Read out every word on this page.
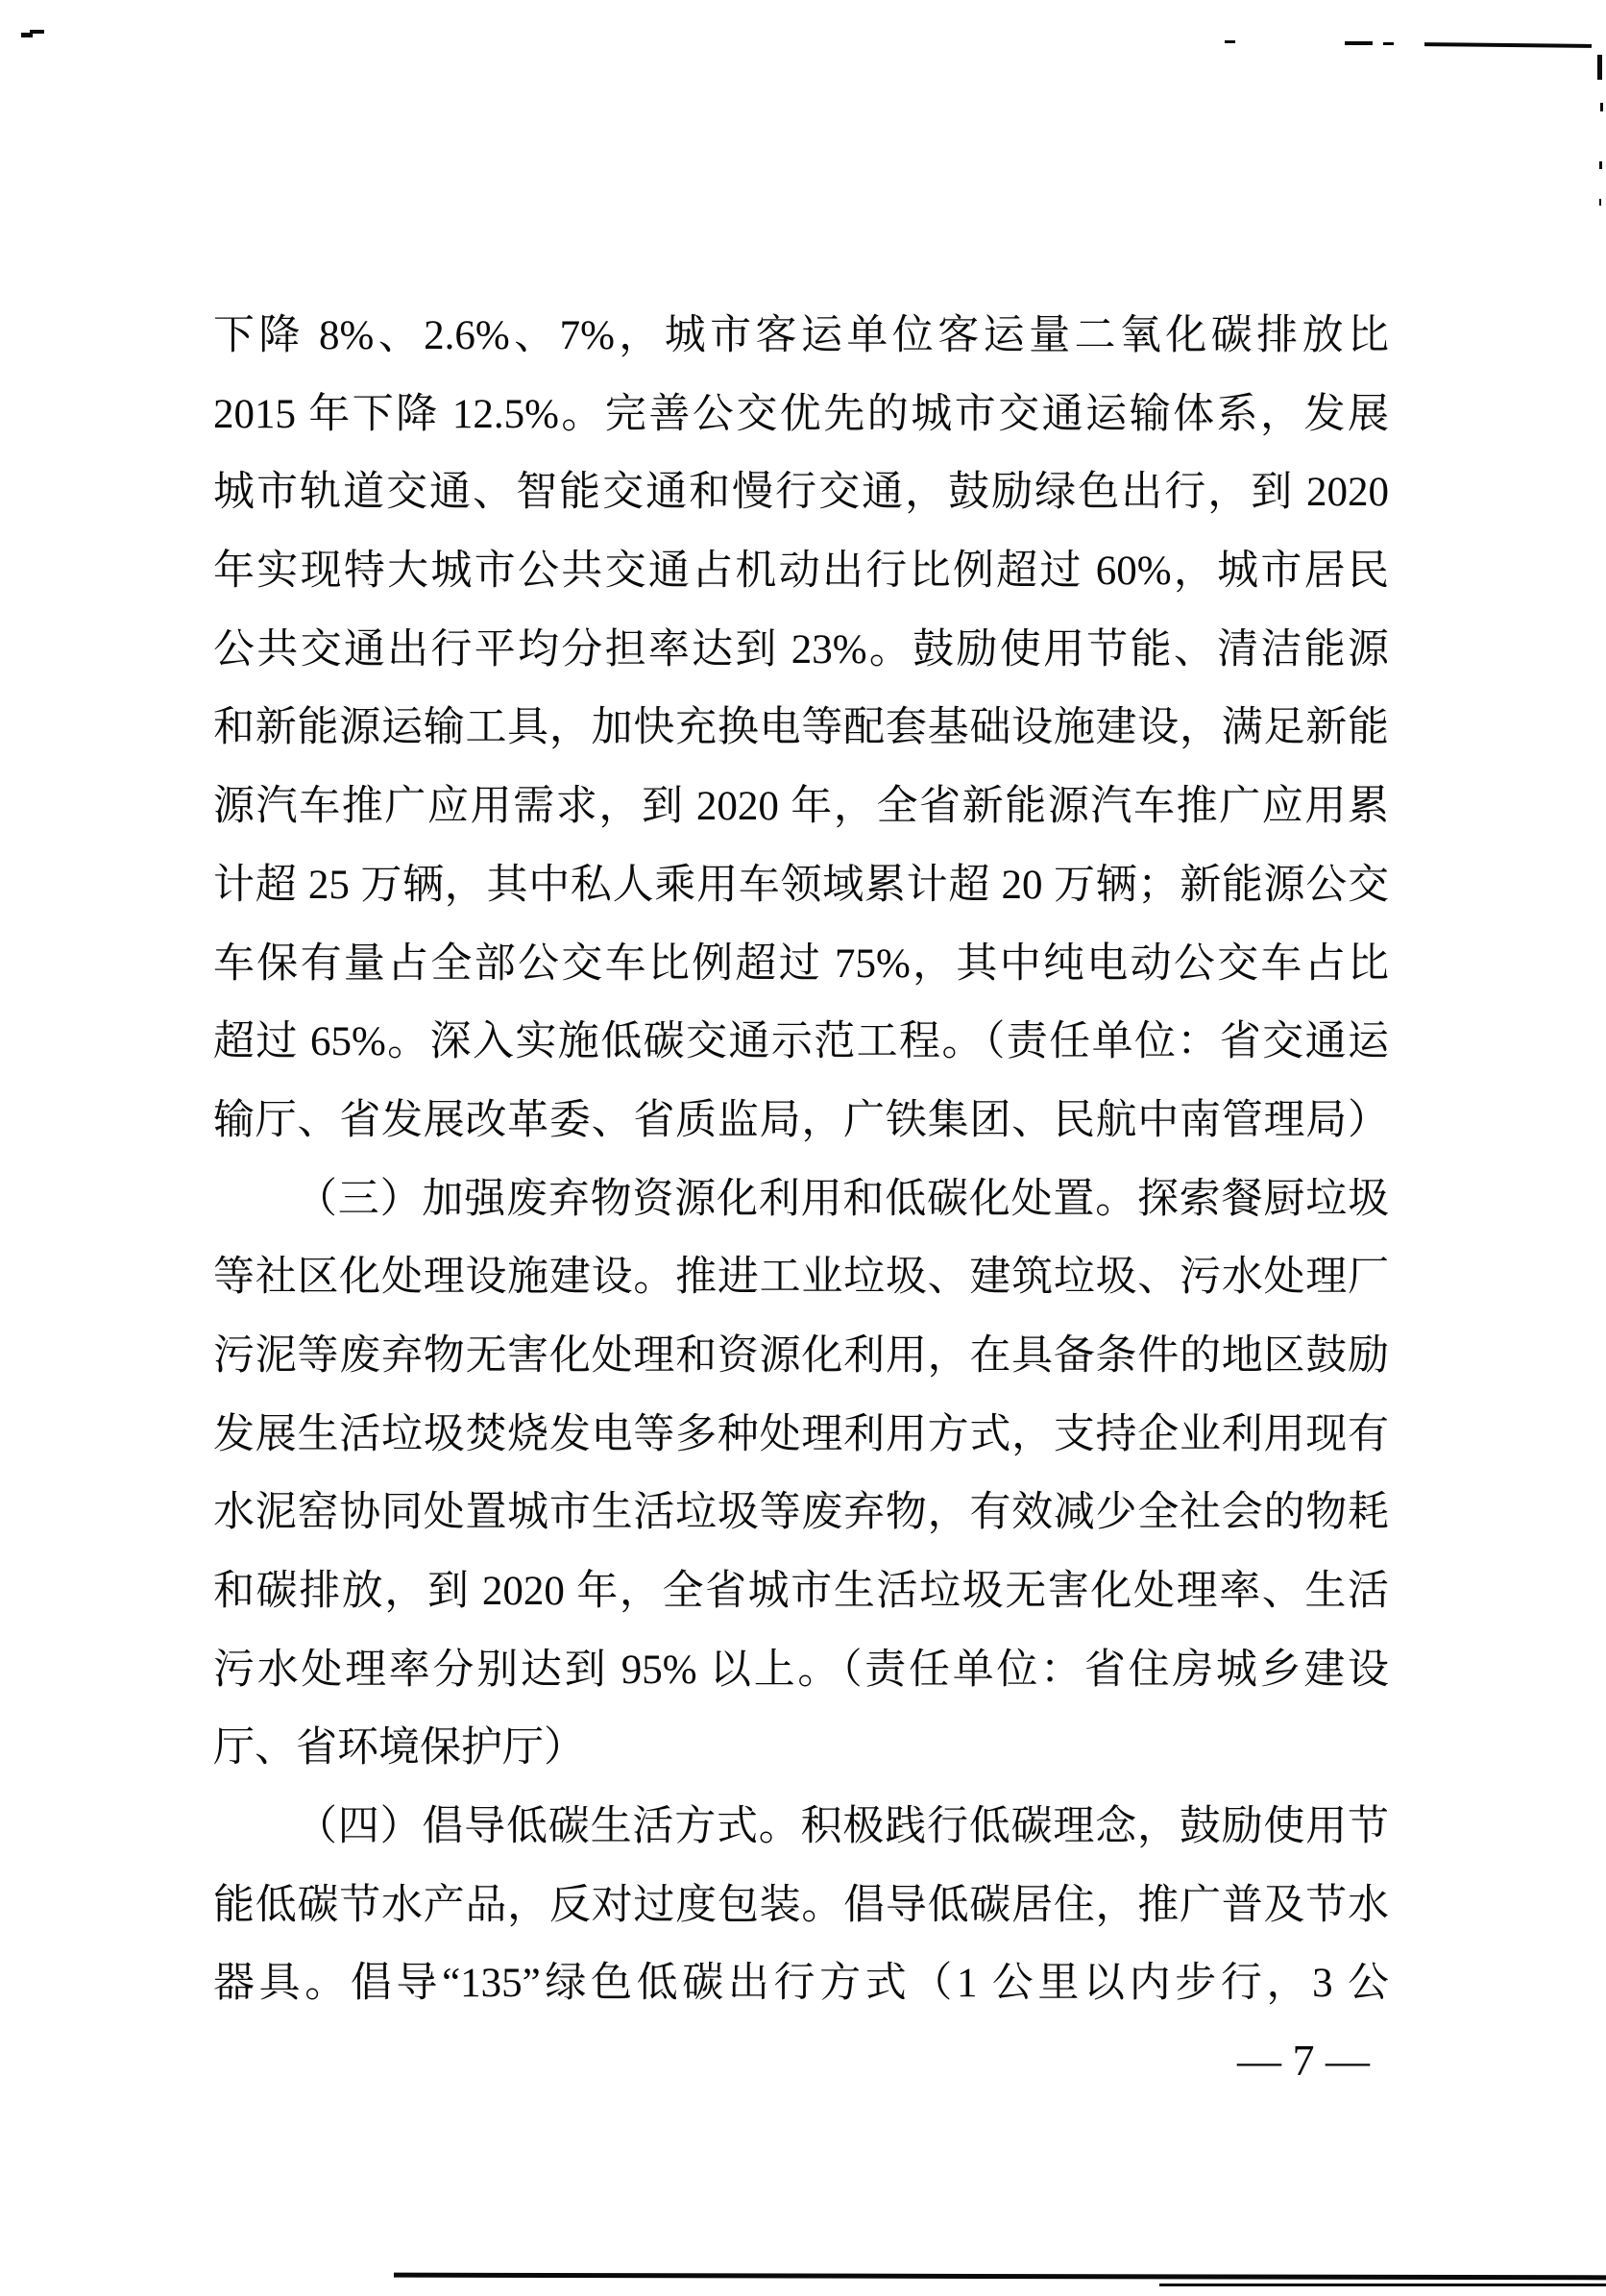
下降 8%、2.6%、7%，城市客运单位客运量二氧化碳排放比
2015 年下降 12.5%。完善公交优先的城市交通运输体系，发展
城市轨道交通、智能交通和慢行交通，鼓励绿色出行，到 2020
年实现特大城市公共交通占机动出行比例超过 60%，城市居民
公共交通出行平均分担率达到 23%。鼓励使用节能、清洁能源
和新能源运输工具，加快充换电等配套基础设施建设，满足新能
源汽车推广应用需求，到 2020 年，全省新能源汽车推广应用累
计超 25 万辆，其中私人乘用车领域累计超 20 万辆；新能源公交
车保有量占全部公交车比例超过 75%，其中纯电动公交车占比
超过 65%。深入实施低碳交通示范工程。（责任单位：省交通运
输厅、省发展改革委、省质监局，广铁集团、民航中南管理局）
（三）加强废弃物资源化利用和低碳化处置。探索餐厨垃圾
等社区化处理设施建设。推进工业垃圾、建筑垃圾、污水处理厂
污泥等废弃物无害化处理和资源化利用，在具备条件的地区鼓励
发展生活垃圾焚烧发电等多种处理利用方式，支持企业利用现有
水泥窑协同处置城市生活垃圾等废弃物，有效减少全社会的物耗
和碳排放，到 2020 年，全省城市生活垃圾无害化处理率、生活
污水处理率分别达到 95% 以上。（责任单位：省住房城乡建设
厅、省环境保护厅）
（四）倡导低碳生活方式。积极践行低碳理念，鼓励使用节
能低碳节水产品，反对过度包装。倡导低碳居住，推广普及节水
器具。倡导“135”绿色低碳出行方式（1 公里以内步行，3 公
— 7 —
